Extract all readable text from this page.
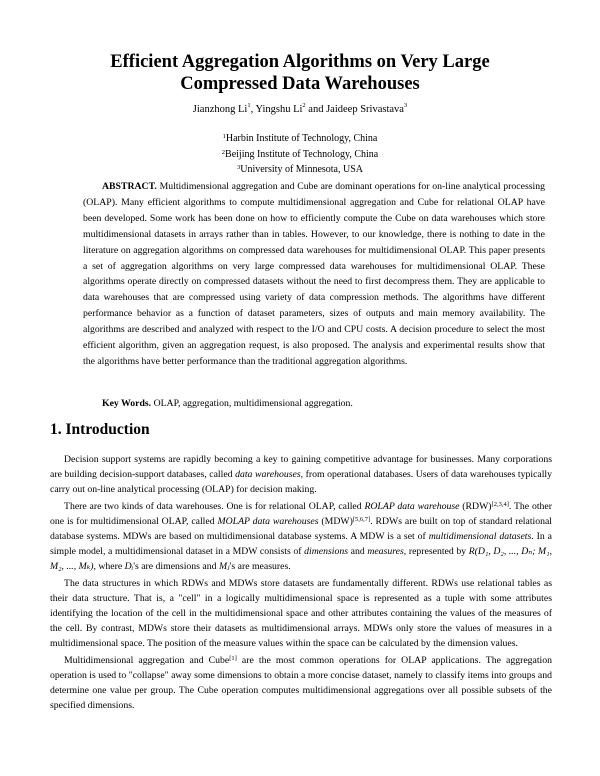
Efficient Aggregation Algorithms on Very Large
Compressed Data Warehouses
Jianzhong Li$^1$, Yingshu Li$^2$ and Jaideep Srivastava$^3$
$^1$Harbin Institute of Technology, China
$^2$Beijing Institute of Technology, China
$^3$University of Minnesota, USA
ABSTRACT. Multidimensional aggregation and Cube are dominant operations for on-line analytical processing (OLAP). Many efficient algorithms to compute multidimensional aggregation and Cube for relational OLAP have been developed. Some work has been done on how to efficiently compute the Cube on data warehouses which store multidimensional datasets in arrays rather than in tables. However, to our knowledge, there is nothing to date in the literature on aggregation algorithms on compressed data warehouses for multidimensional OLAP. This paper presents a set of aggregation algorithms on very large compressed data warehouses for multidimensional OLAP. These algorithms operate directly on compressed datasets without the need to first decompress them. They are applicable to data warehouses that are compressed using variety of data compression methods. The algorithms have different performance behavior as a function of dataset parameters, sizes of outputs and main memory availability. The algorithms are described and analyzed with respect to the I/O and CPU costs. A decision procedure to select the most efficient algorithm, given an aggregation request, is also proposed. The analysis and experimental results show that the algorithms have better performance than the traditional aggregation algorithms.
Key Words. OLAP, aggregation, multidimensional aggregation.
1. Introduction

Decision support systems are rapidly becoming a key to gaining competitive advantage for businesses. Many corporations are building decision-support databases, called data warehouses, from operational databases. Users of data warehouses typically carry out on-line analytical processing (OLAP) for decision making.

There are two kinds of data warehouses. One is for relational OLAP, called ROLAP data warehouse (RDW)[2,3,4]. The other one is for multidimensional OLAP, called MOLAP data warehouses (MDW)[5,6,7]. RDWs are built on top of standard relational database systems. MDWs are based on multidimensional database systems. A MDW is a set of multidimensional datasets. In a simple model, a multidimensional dataset in a MDW consists of dimensions and measures, represented by R(D₁, D₂, ..., Dₙ; M₁, M₂, ..., Mₖ), where Dᵢ's are dimensions and Mⱼ's are measures.

The data structures in which RDWs and MDWs store datasets are fundamentally different. RDWs use relational tables as their data structure. That is, a "cell" in a logically multidimensional space is represented as a tuple with some attributes identifying the location of the cell in the multidimensional space and other attributes containing the values of the measures of the cell. By contrast, MDWs store their datasets as multidimensional arrays. MDWs only store the values of measures in a multidimensional space. The position of the measure values within the space can be calculated by the dimension values.

Multidimensional aggregation and Cube[1] are the most common operations for OLAP applications. The aggregation operation is used to "collapse" away some dimensions to obtain a more concise dataset, namely to classify items into groups and determine one value per group. The Cube operation computes multidimensional aggregations over all possible subsets of the specified dimensions.
